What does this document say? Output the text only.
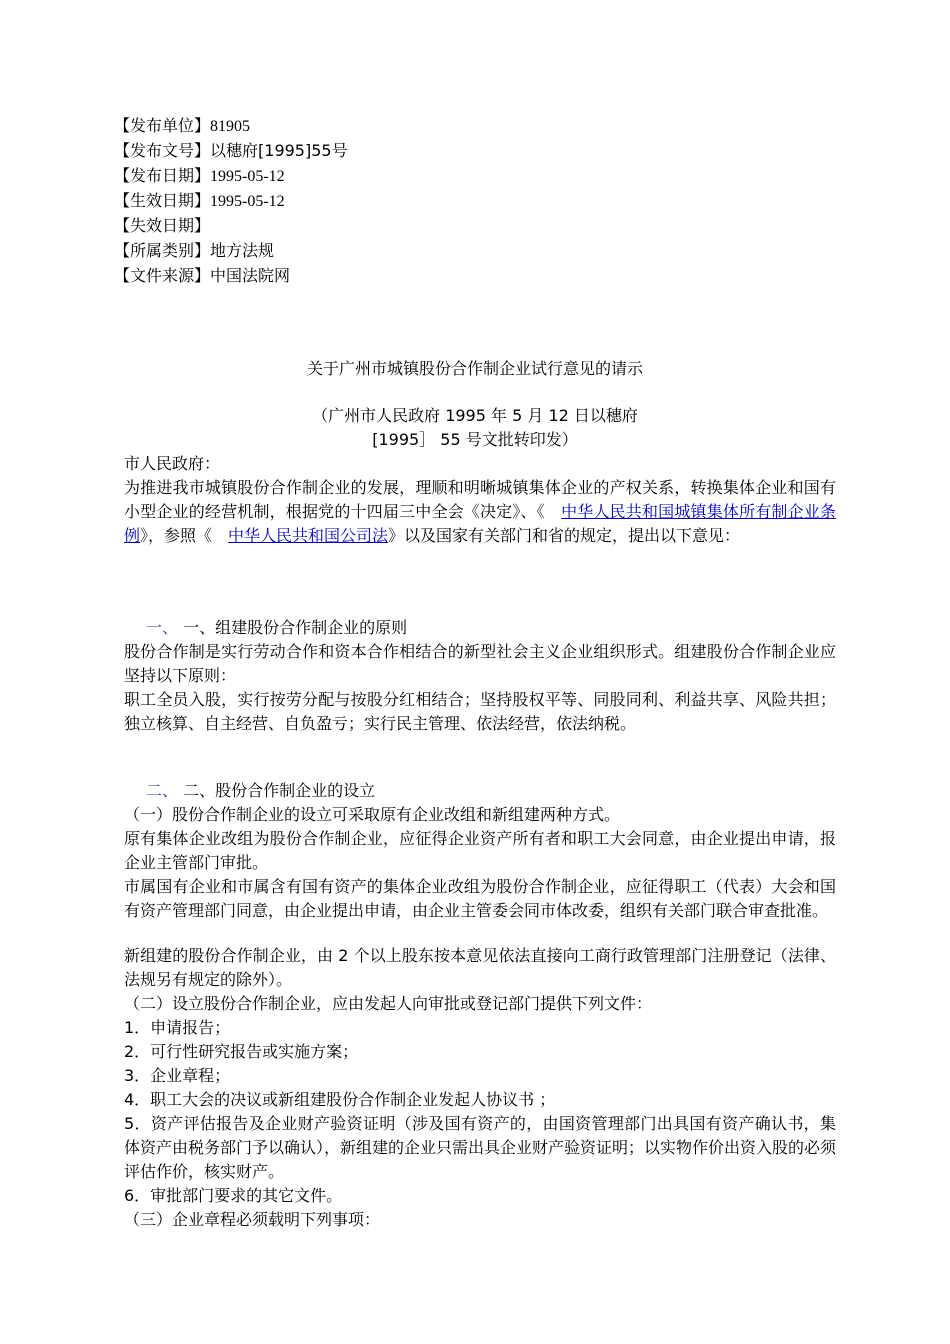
【发布单位】81905
【发布文号】以穗府[1995]55号
【发布日期】1995-05-12
【生效日期】1995-05-12
【失效日期】
【所属类别】地方法规
【文件来源】中国法院网
关于广州市城镇股份合作制企业试行意见的请示
（广州市人民政府 1995 年 5 月 12 日以穗府
[1995］ 55 号文批转印发）
市人民政府：
为推进我市城镇股份合作制企业的发展，理顺和明晰城镇集体企业的产权关系，转换集体企业和国有小型企业的经营机制，根据党的十四届三中全会《决定》、《　中华人民共和国城镇集体所有制企业条例》，参照《　中华人民共和国公司法》以及国家有关部门和省的规定，提出以下意见：
一、 一、组建股份合作制企业的原则
股份合作制是实行劳动合作和资本合作相结合的新型社会主义企业组织形式。组建股份合作制企业应坚持以下原则：
职工全员入股，实行按劳分配与按股分红相结合；坚持股权平等、同股同利、利益共享、风险共担；独立核算、自主经营、自负盈亏；实行民主管理、依法经营，依法纳税。
二、 二、股份合作制企业的设立
（一）股份合作制企业的设立可采取原有企业改组和新组建两种方式。
原有集体企业改组为股份合作制企业，应征得企业资产所有者和职工大会同意，由企业提出申请，报企业主管部门审批。
市属国有企业和市属含有国有资产的集体企业改组为股份合作制企业，应征得职工（代表）大会和国有资产管理部门同意，由企业提出申请，由企业主管委会同市体改委，组织有关部门联合审查批准。
新组建的股份合作制企业，由 2 个以上股东按本意见依法直接向工商行政管理部门注册登记（法律、法规另有规定的除外）。
（二）设立股份合作制企业，应由发起人向审批或登记部门提供下列文件：
1．申请报告；
2．可行性研究报告或实施方案；
3．企业章程；
4．职工大会的决议或新组建股份合作制企业发起人协议书 ；
5．资产评估报告及企业财产验资证明（涉及国有资产的，由国资管理部门出具国有资产确认书，集体资产由税务部门予以确认），新组建的企业只需出具企业财产验资证明；以实物作价出资入股的必须评估作价，核实财产。
6．审批部门要求的其它文件。
（三）企业章程必须载明下列事项：
